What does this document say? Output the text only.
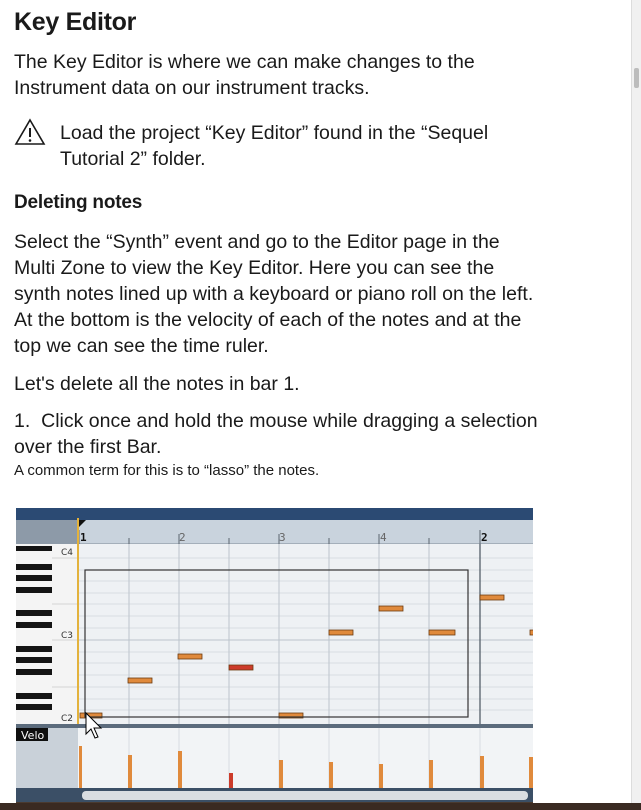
Key Editor

The Key Editor is where we can make changes to the Instrument data on our instrument tracks.

Load the project “Key Editor” found in the “Sequel Tutorial 2” folder.

Deleting notes

Select the “Synth” event and go to the Editor page in the Multi Zone to view the Key Editor. Here you can see the synth notes lined up with a keyboard or piano roll on the left. At the bottom is the velocity of each of the notes and at the top we can see the time ruler.

Let's delete all the notes in bar 1.

1. Click once and hold the mouse while dragging a selection over the first Bar.

A common term for this is to “lasso” the notes.

1	2	3	4	2
C4
C3
C2
Velo
